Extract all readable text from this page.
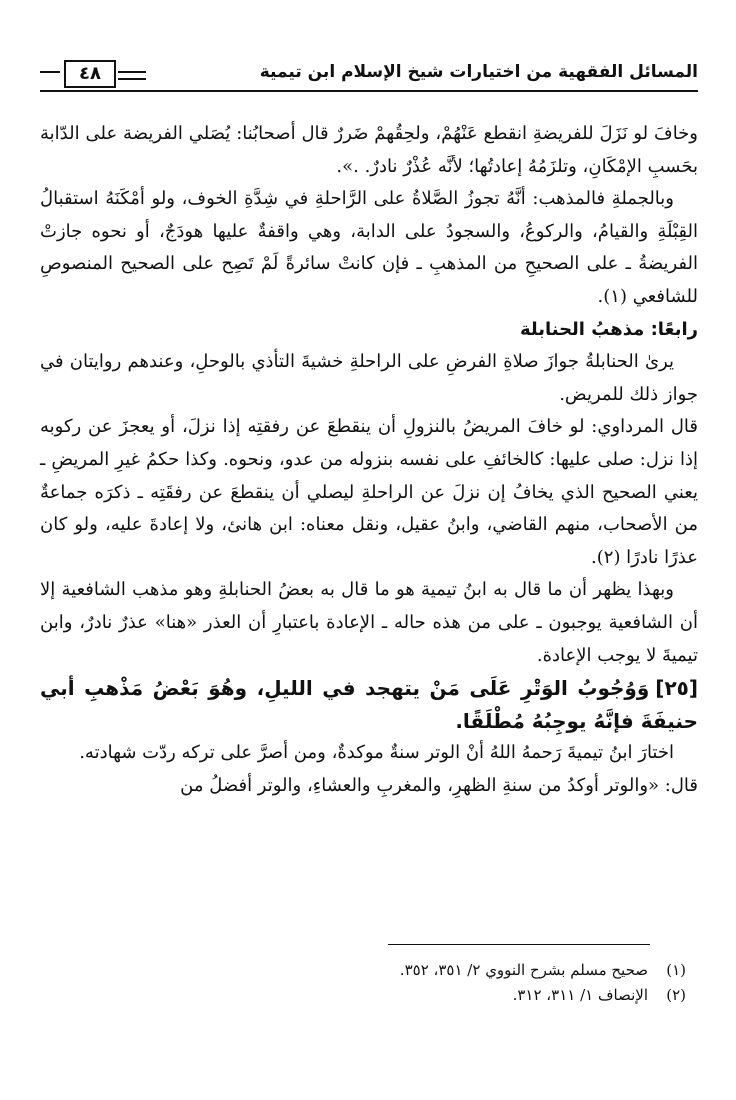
٤٨	المسائل الفقهية من اختيارات شيخ الإسلام ابن تيمية

وخافَ لو نَزَلَ للفريضةِ انقطع عَنْهُمْ، ولحِقُهمْ ضَررٌ قال أصحابُنا: يُصَلي الفريضة على الدّابة بحَسبِ الإمْكَانِ، وتلزَمُهُ إعادتُها؛ لأنَّه عُذْرٌ نادرٌ. .».

وبالجملةِ فالمذهب: أنَّهُ تجوزُ الصَّلاةُ على الرَّاحلةِ في شِدَّةِ الخوف، ولو أمْكَنَهُ استقبالُ القِبْلَةِ والقيامُ، والركوعُ، والسجودُ على الدابة، وهي واقفةٌ عليها هودَجٌ، أو نحوه جازتْ الفريضةُ ـ على الصحيحِ من المذهبِ ـ فإن كانتْ سائرةً لَمْ تَصِح على الصحيح المنصوصِ للشافعي (١).

رابعًا: مذهبُ الحنابلة

يرىٰ الحنابلةُ جوازَ صلاةِ الفرضِ على الراحلةِ خشيةَ التأذي بالوحلِ، وعندهم روايتان في جواز ذلك للمريض.

قال المرداوي: لو خافَ المريضُ بالنزولِ أن ينقطعَ عن رفقتِه إذا نزلَ، أو يعجزَ عن ركوبه إذا نزل: صلى عليها: كالخائفِ على نفسه بنزوله من عدو، ونحوه. وكذا حكمُ غيرِ المريضِ ـ يعني الصحيح الذي يخافُ إن نزلَ عن الراحلةِ ليصلي أن ينقطعَ عن رفقَتِه ـ ذكرَه جماعةٌ من الأصحاب، منهم القاضي، وابنُ عقيل، ونقل معناه: ابن هانئ، ولا إعادةَ عليه، ولو كان عذرًا نادرًا (٢).

وبهذا يظهر أن ما قال به ابنُ تيمية هو ما قال به بعضُ الحنابلةِ وهو مذهب الشافعية إلا أن الشافعية يوجبون ـ على من هذه حاله ـ الإعادة باعتبارِ أن العذر «هنا» عذرٌ نادرٌ، وابن تيميةَ لا يوجب الإعادة.

[٢٥]وَوُجُوبُ الوَتْرِ عَلَى مَنْ يتهجد في الليلِ، وهُوَ بَعْضُ مَذْهبِ أبي حنيفَةَ فإنَّهُ يوجِبُهُ مُطْلَقًا.

اختارَ ابنُ تيميةَ رَحمهُ اللهُ أنْ الوتر سنةٌ موكدةٌ، ومن أصرَّ على تركه ردّت شهادته.

قال: «والوتر أوكدُ من سنةِ الظهرِ، والمغربِ والعشاءِ، والوتر أفضلُ من

(١)صحيح مسلم بشرح النووي ٢/ ٣٥١، ٣٥٢.

(٢)الإنصاف ١/ ٣١١، ٣١٢.
